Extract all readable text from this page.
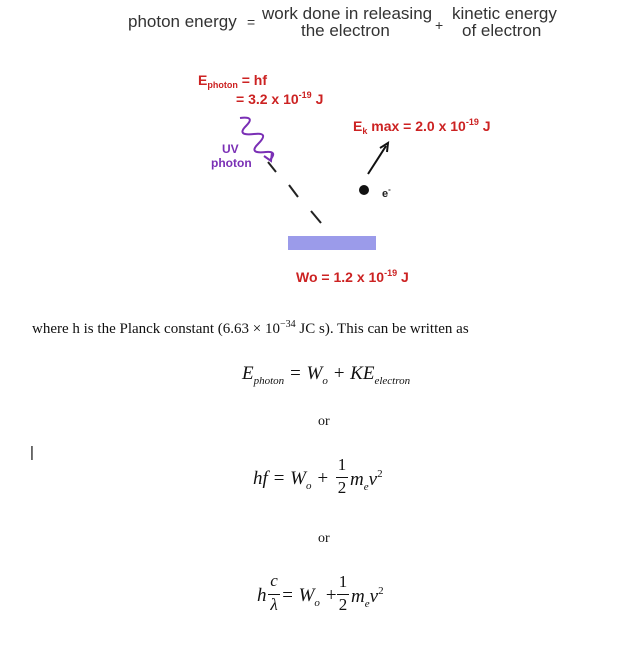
photon energy = work done in releasing
the electron	+
kinetic energy
of electron
$E_{photon}$ = hf
= 3.2 x $10^{-19}$ J
$E_k$ max = 2.0 x $10^{-19}$ J
UV
photon
e-
Wo = 1.2 x $10^{-19}$ J
where h is the Planck constant ($6.63 \times 10^{-34}$ JC s). This can be written as
$E_{photon} = W_o + KE_{electron}$
or
|
hf = $W_o$ +
1
2 $m_ev^2$
or
h
c
$\lambda = W_o$ +
1
2 $m_ev^2$
